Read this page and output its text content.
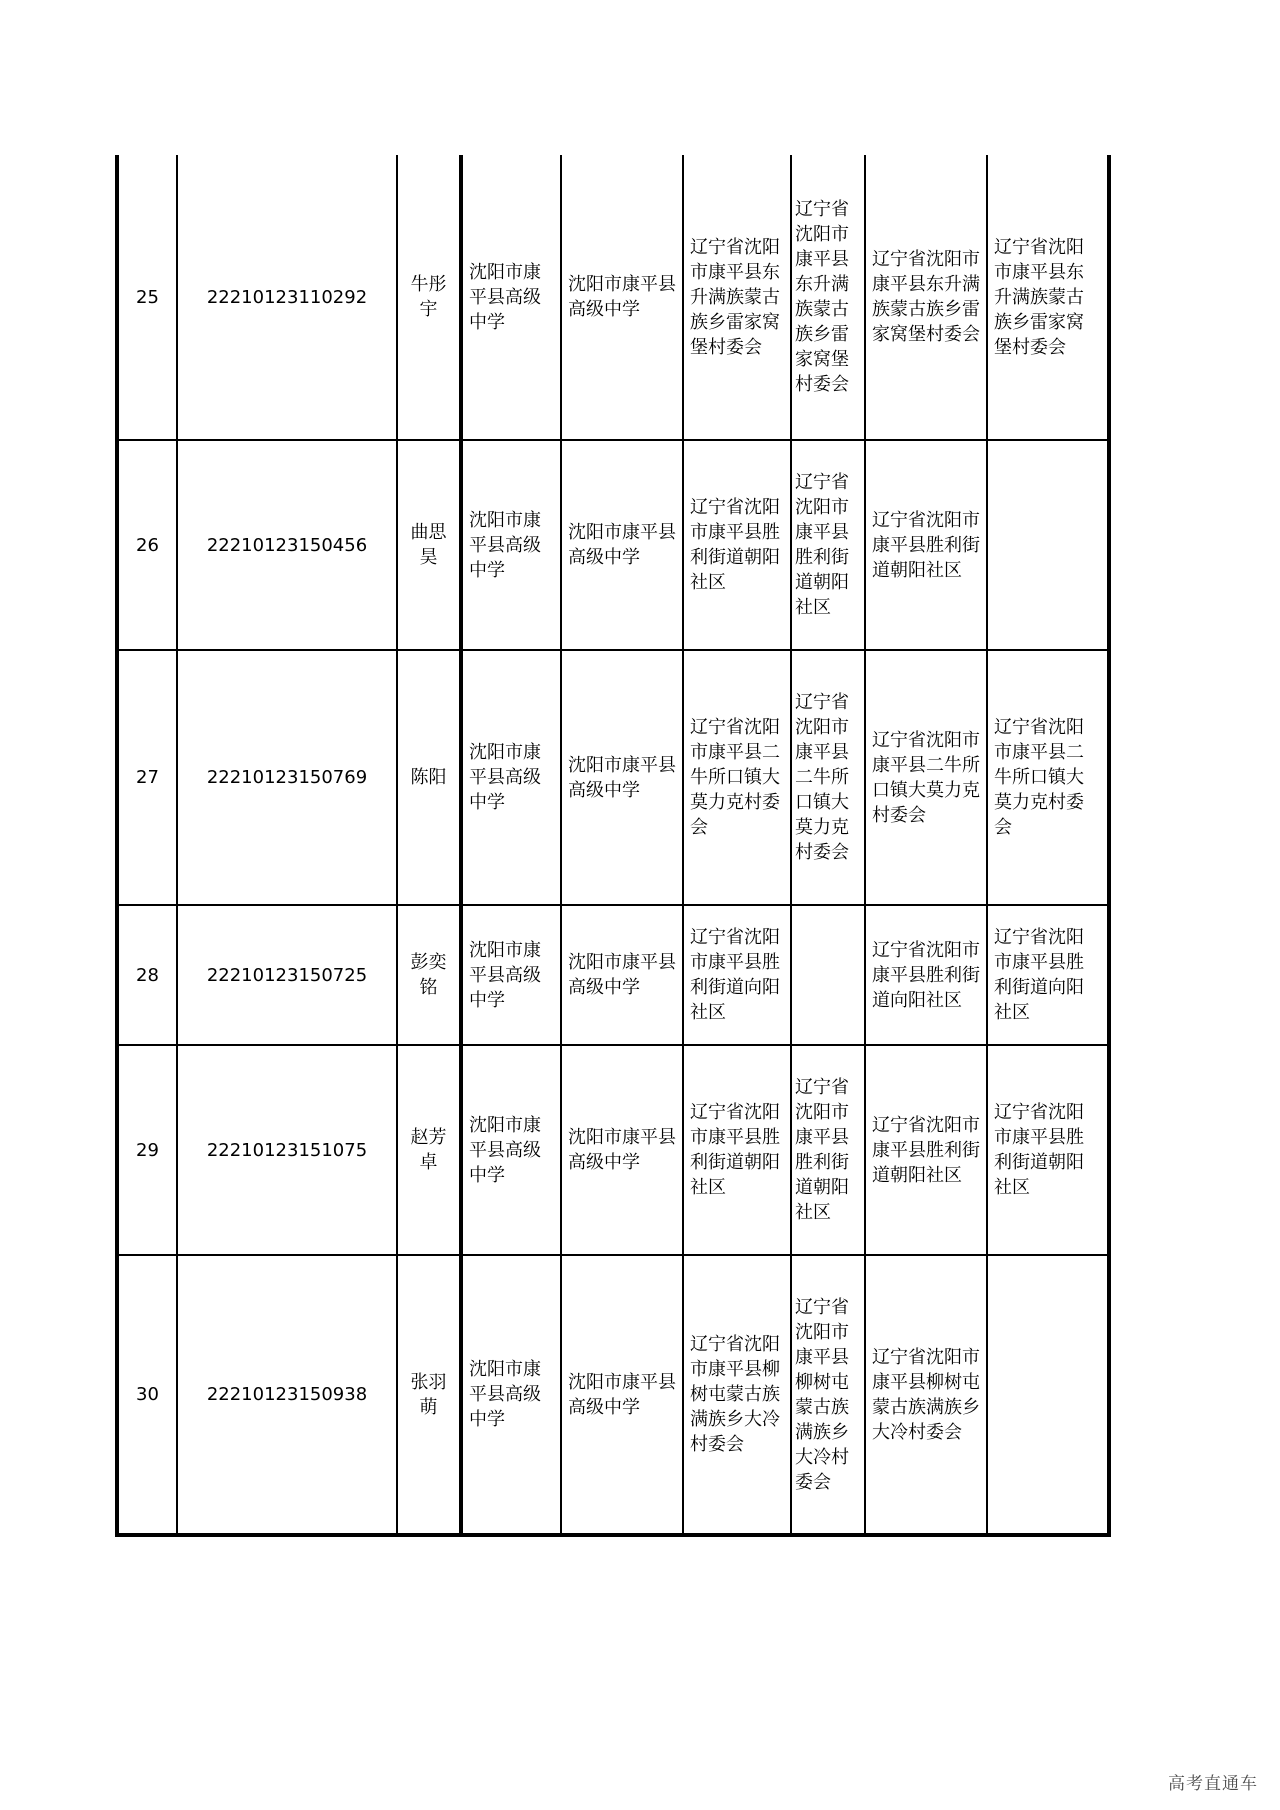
25	22210123110292	牛彤宇	沈阳市康平县高级中学	沈阳市康平县高级中学	辽宁省沈阳市康平县东升满族蒙古族乡雷家窝堡村委会	辽宁省沈阳市康平县东升满族蒙古族乡雷家窝堡村委会	辽宁省沈阳市康平县东升满族蒙古族乡雷家窝堡村委会	辽宁省沈阳市康平县东升满族蒙古族乡雷家窝堡村委会
26	22210123150456	曲思昊	沈阳市康平县高级中学	沈阳市康平县高级中学	辽宁省沈阳市康平县胜利街道朝阳社区	辽宁省沈阳市康平县胜利街道朝阳社区	辽宁省沈阳市康平县胜利街道朝阳社区	
27	22210123150769	陈阳	沈阳市康平县高级中学	沈阳市康平县高级中学	辽宁省沈阳市康平县二牛所口镇大莫力克村委会	辽宁省沈阳市康平县二牛所口镇大莫力克村委会	辽宁省沈阳市康平县二牛所口镇大莫力克村委会	辽宁省沈阳市康平县二牛所口镇大莫力克村委会
28	22210123150725	彭奕铭	沈阳市康平县高级中学	沈阳市康平县高级中学	辽宁省沈阳市康平县胜利街道向阳社区		辽宁省沈阳市康平县胜利街道向阳社区	辽宁省沈阳市康平县胜利街道向阳社区
29	22210123151075	赵芳卓	沈阳市康平县高级中学	沈阳市康平县高级中学	辽宁省沈阳市康平县胜利街道朝阳社区	辽宁省沈阳市康平县胜利街道朝阳社区	辽宁省沈阳市康平县胜利街道朝阳社区	辽宁省沈阳市康平县胜利街道朝阳社区
30	22210123150938	张羽萌	沈阳市康平县高级中学	沈阳市康平县高级中学	辽宁省沈阳市康平县柳树屯蒙古族满族乡大冷村委会	辽宁省沈阳市康平县柳树屯蒙古族满族乡大冷村委会	辽宁省沈阳市康平县柳树屯蒙古族满族乡大冷村委会	
高考直通车
